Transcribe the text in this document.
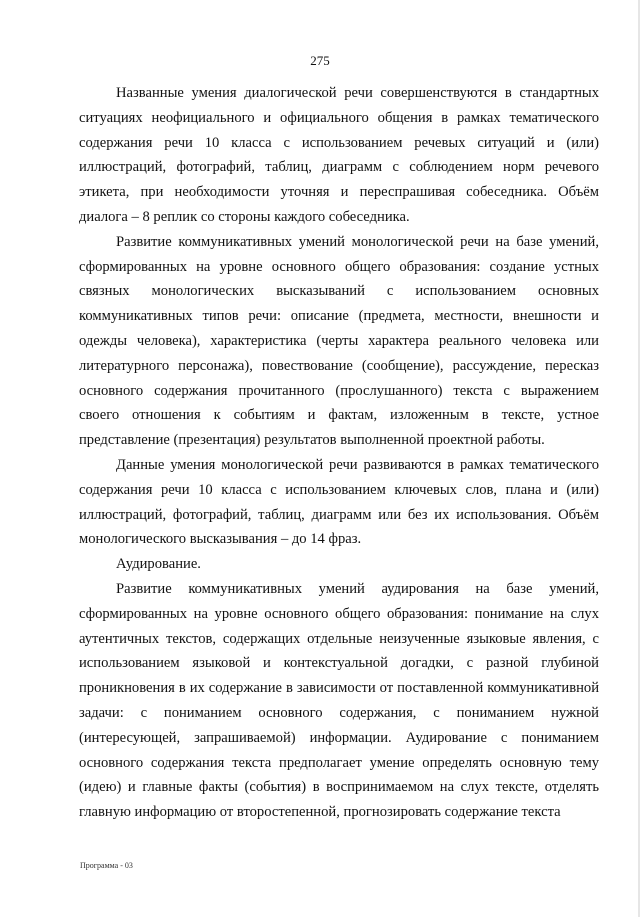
275

Названные умения диалогической речи совершенствуются в стандартных ситуациях неофициального и официального общения в рамках тематического содержания речи 10 класса с использованием речевых ситуаций и (или) иллюстраций, фотографий, таблиц, диаграмм с соблюдением норм речевого этикета, при необходимости уточняя и переспрашивая собеседника. Объём диалога – 8 реплик со стороны каждого собеседника.

Развитие коммуникативных умений монологической речи на базе умений, сформированных на уровне основного общего образования: создание устных связных монологических высказываний с использованием основных коммуникативных типов речи: описание (предмета, местности, внешности и одежды человека), характеристика (черты характера реального человека или литературного персонажа), повествование (сообщение), рассуждение, пересказ основного содержания прочитанного (прослушанного) текста с выражением своего отношения к событиям и фактам, изложенным в тексте, устное представление (презентация) результатов выполненной проектной работы.

Данные умения монологической речи развиваются в рамках тематического содержания речи 10 класса с использованием ключевых слов, плана и (или) иллюстраций, фотографий, таблиц, диаграмм или без их использования. Объём монологического высказывания – до 14 фраз.

Аудирование.

Развитие коммуникативных умений аудирования на базе умений, сформированных на уровне основного общего образования: понимание на слух аутентичных текстов, содержащих отдельные неизученные языковые явления, с использованием языковой и контекстуальной догадки, с разной глубиной проникновения в их содержание в зависимости от поставленной коммуникативной задачи: с пониманием основного содержания, с пониманием нужной (интересующей, запрашиваемой) информации. Аудирование с пониманием основного содержания текста предполагает умение определять основную тему (идею) и главные факты (события) в воспринимаемом на слух тексте, отделять главную информацию от второстепенной, прогнозировать содержание текста

Программа - 03
